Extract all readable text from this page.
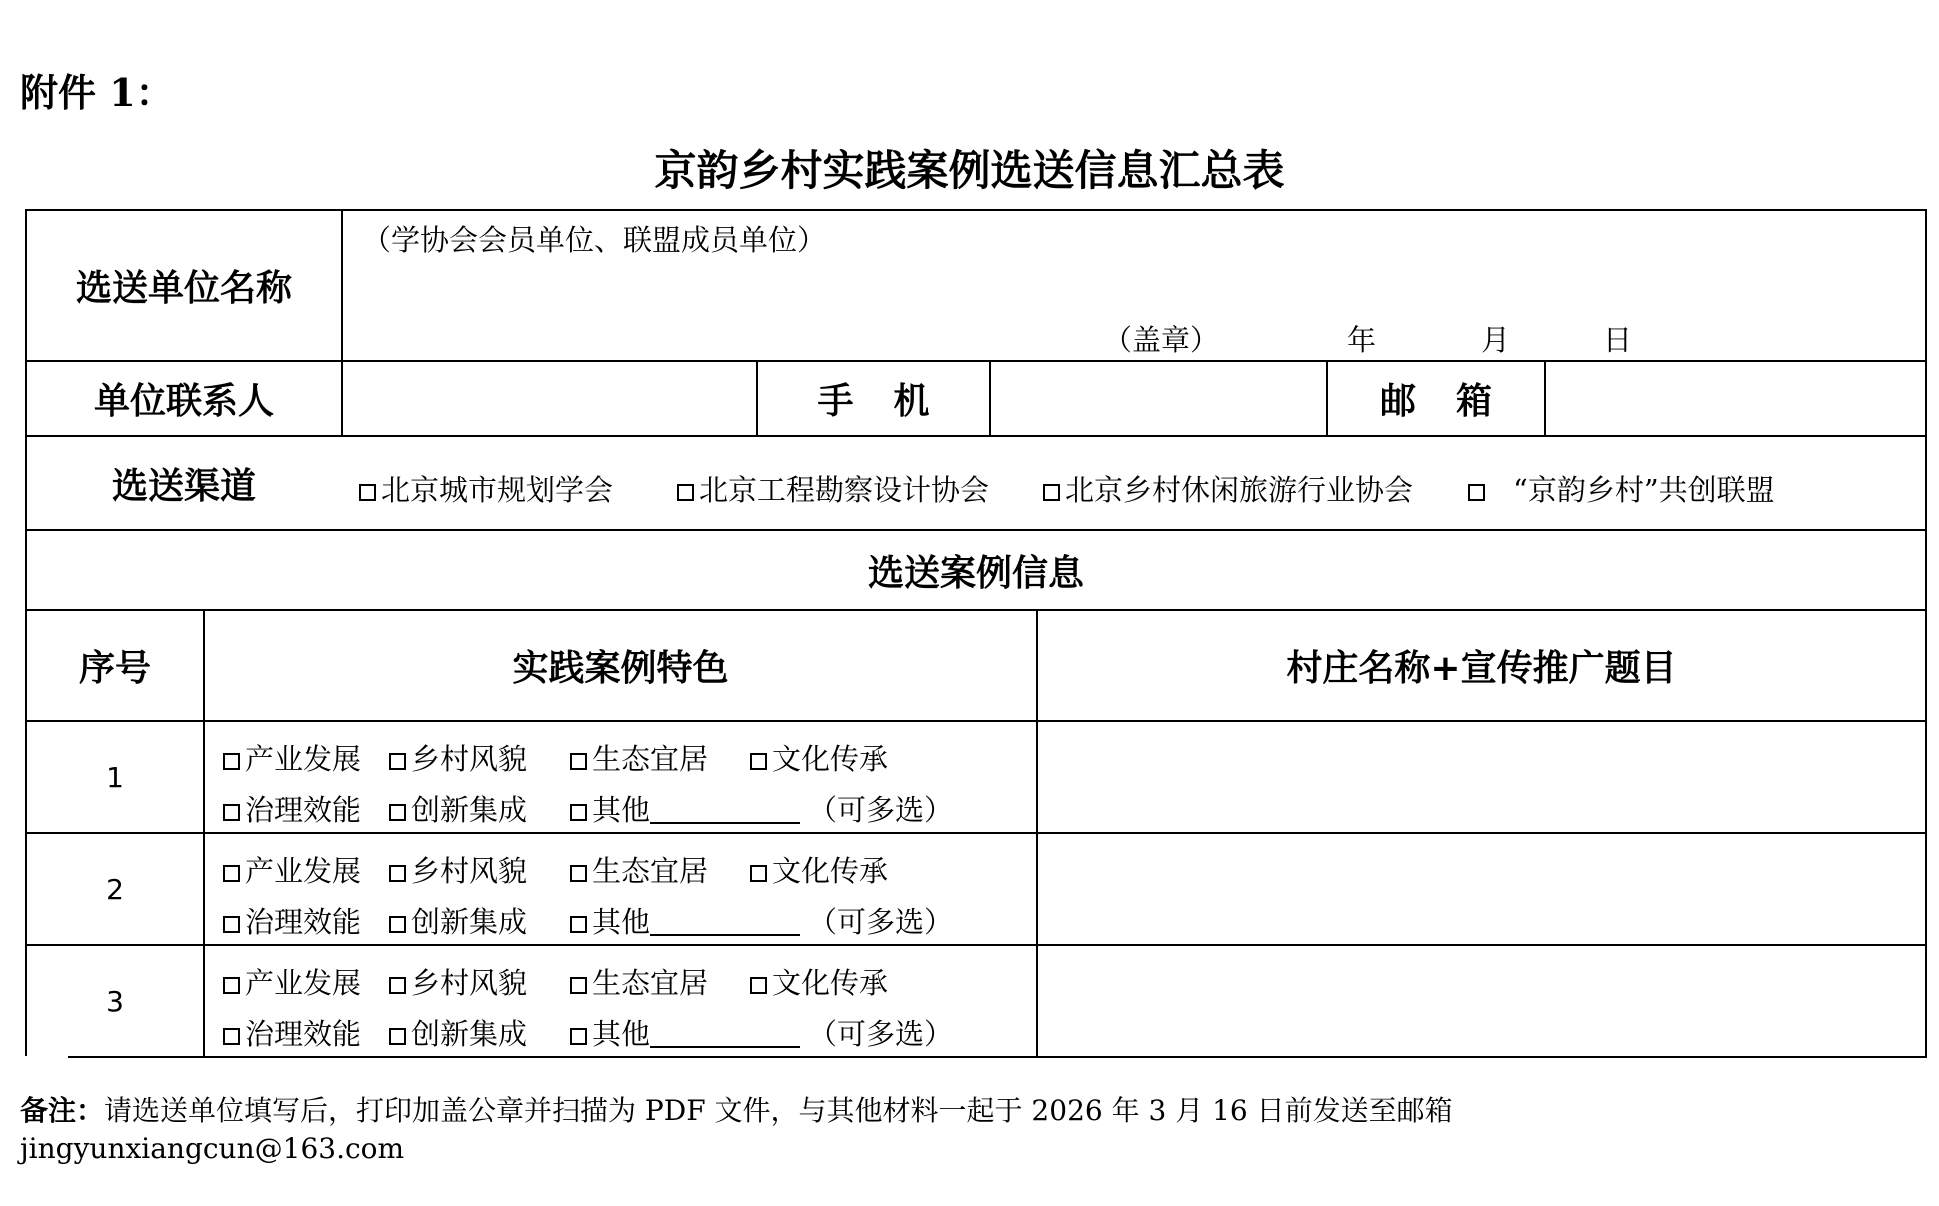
附件 1：
京韵乡村实践案例选送信息汇总表
选送单位名称
（学协会会员单位、联盟成员单位）
（盖章）	年	月	日
单位联系人	手机	邮箱
选送渠道	北京城市规划学会	北京工程勘察设计协会	北京乡村休闲旅游行业协会	“京韵乡村”共创联盟
选送案例信息
序号	实践案例特色	村庄名称+宣传推广题目
1
产业发展	乡村风貌	生态宜居	文化传承
治理效能	创新集成	其他	（可多选）
2
产业发展	乡村风貌	生态宜居	文化传承
治理效能	创新集成	其他	（可多选）
3
产业发展	乡村风貌	生态宜居	文化传承
治理效能	创新集成	其他	（可多选）
备注：请选送单位填写后，打印加盖公章并扫描为 PDF 文件，与其他材料一起于 2026 年 3 月 16 日前发送至邮箱
jingyunxiangcun@163.com
